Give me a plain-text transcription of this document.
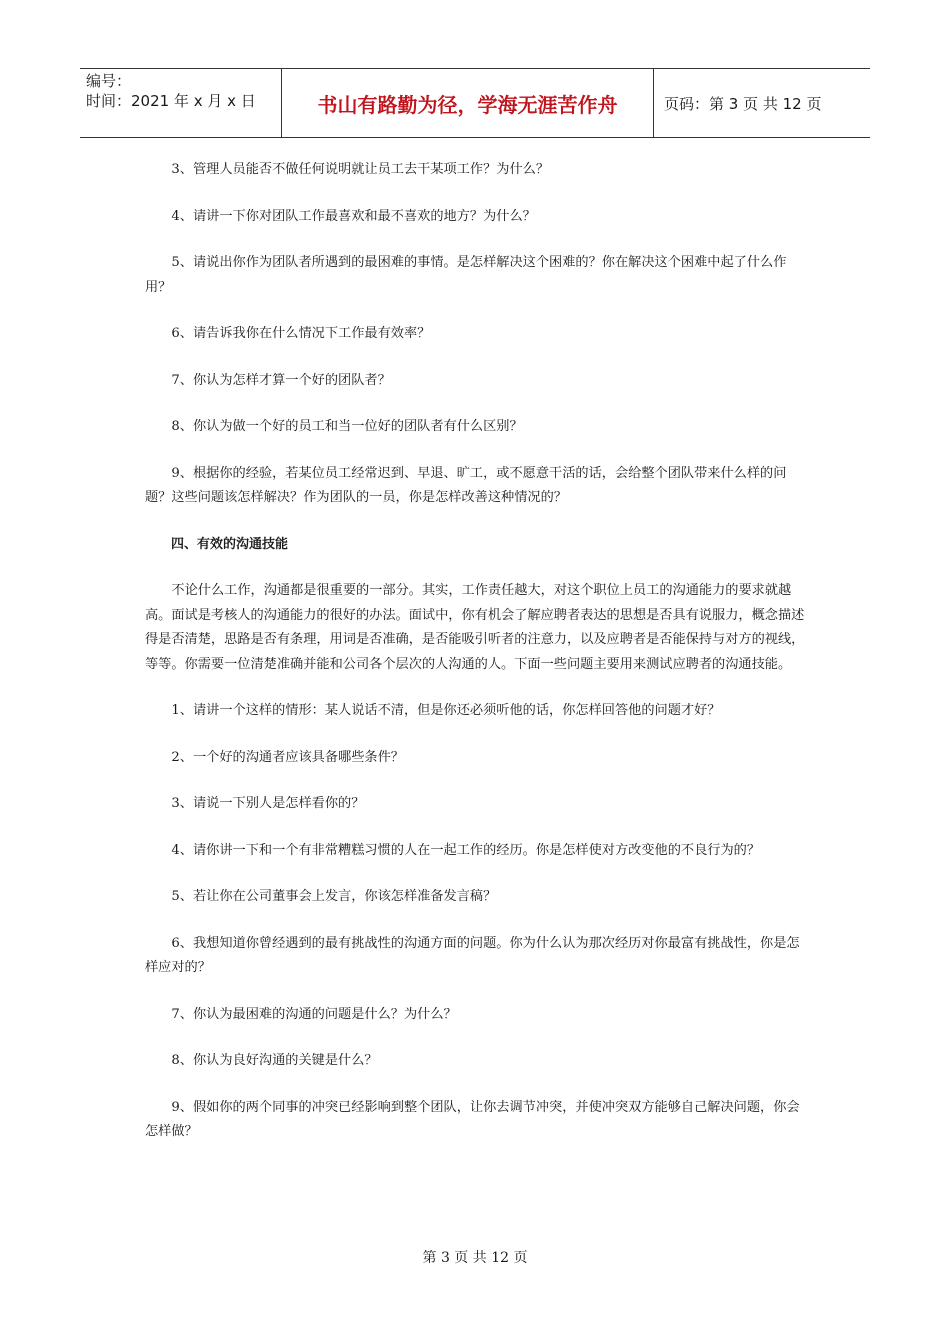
编号：
时间：2021 年 x 月 x 日	书山有路勤为径，学海无涯苦作舟	页码：第 3 页 共 12 页

3、管理人员能否不做任何说明就让员工去干某项工作？为什么？

4、请讲一下你对团队工作最喜欢和最不喜欢的地方？为什么？

5、请说出你作为团队者所遇到的最困难的事情。是怎样解决这个困难的？你在解决这个困难中起了什么作用？

6、请告诉我你在什么情况下工作最有效率？

7、你认为怎样才算一个好的团队者？

8、你认为做一个好的员工和当一位好的团队者有什么区别？

9、根据你的经验，若某位员工经常迟到、早退、旷工，或不愿意干活的话，会给整个团队带来什么样的问题？这些问题该怎样解决？作为团队的一员，你是怎样改善这种情况的？

四、有效的沟通技能

不论什么工作，沟通都是很重要的一部分。其实，工作责任越大，对这个职位上员工的沟通能力的要求就越高。面试是考核人的沟通能力的很好的办法。面试中，你有机会了解应聘者表达的思想是否具有说服力，概念描述得是否清楚，思路是否有条理，用词是否准确，是否能吸引听者的注意力，以及应聘者是否能保持与对方的视线，等等。你需要一位清楚准确并能和公司各个层次的人沟通的人。下面一些问题主要用来测试应聘者的沟通技能。

1、请讲一个这样的情形：某人说话不清，但是你还必须听他的话，你怎样回答他的问题才好？

2、一个好的沟通者应该具备哪些条件？

3、请说一下别人是怎样看你的？

4、请你讲一下和一个有非常糟糕习惯的人在一起工作的经历。你是怎样使对方改变他的不良行为的？

5、若让你在公司董事会上发言，你该怎样准备发言稿？

6、我想知道你曾经遇到的最有挑战性的沟通方面的问题。你为什么认为那次经历对你最富有挑战性，你是怎样应对的？

7、你认为最困难的沟通的问题是什么？为什么？

8、你认为良好沟通的关键是什么？

9、假如你的两个同事的冲突已经影响到整个团队，让你去调节冲突，并使冲突双方能够自己解决问题，你会怎样做？

第 3 页 共 12 页
